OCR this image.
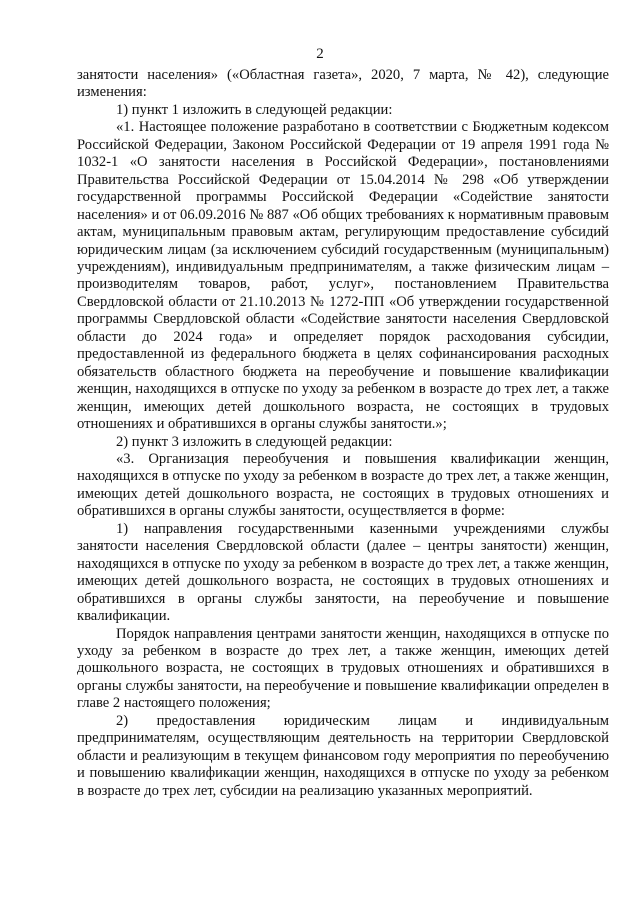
2

занятости населения» («Областная газета», 2020, 7 марта, № 42), следующие изменения:

1) пункт 1 изложить в следующей редакции:

«1. Настоящее положение разработано в соответствии с Бюджетным кодексом Российской Федерации, Законом Российской Федерации от 19 апреля 1991 года № 1032-1 «О занятости населения в Российской Федерации», постановлениями Правительства Российской Федерации от 15.04.2014 № 298 «Об утверждении государственной программы Российской Федерации «Содействие занятости населения» и от 06.09.2016 № 887 «Об общих требованиях к нормативным правовым актам, муниципальным правовым актам, регулирующим предоставление субсидий юридическим лицам (за исключением субсидий государственным (муниципальным) учреждениям), индивидуальным предпринимателям, а также физическим лицам – производителям товаров, работ, услуг», постановлением Правительства Свердловской области от 21.10.2013 № 1272-ПП «Об утверждении государственной программы Свердловской области «Содействие занятости населения Свердловской области до 2024 года» и определяет порядок расходования субсидии, предоставленной из федерального бюджета в целях софинансирования расходных обязательств областного бюджета на переобучение и повышение квалификации женщин, находящихся в отпуске по уходу за ребенком в возрасте до трех лет, а также женщин, имеющих детей дошкольного возраста, не состоящих в трудовых отношениях и обратившихся в органы службы занятости.»;

2) пункт 3 изложить в следующей редакции:

«3. Организация переобучения и повышения квалификации женщин, находящихся в отпуске по уходу за ребенком в возрасте до трех лет, а также женщин, имеющих детей дошкольного возраста, не состоящих в трудовых отношениях и обратившихся в органы службы занятости, осуществляется в форме:

1) направления государственными казенными учреждениями службы занятости населения Свердловской области (далее – центры занятости) женщин, находящихся в отпуске по уходу за ребенком в возрасте до трех лет, а также женщин, имеющих детей дошкольного возраста, не состоящих в трудовых отношениях и обратившихся в органы службы занятости, на переобучение и повышение квалификации.

Порядок направления центрами занятости женщин, находящихся в отпуске по уходу за ребенком в возрасте до трех лет, а также женщин, имеющих детей дошкольного возраста, не состоящих в трудовых отношениях и обратившихся в органы службы занятости, на переобучение и повышение квалификации определен в главе 2 настоящего положения;

2) предоставления юридическим лицам и индивидуальным предпринимателям, осуществляющим деятельность на территории Свердловской области и реализующим в текущем финансовом году мероприятия по переобучению и повышению квалификации женщин, находящихся в отпуске по уходу за ребенком в возрасте до трех лет, субсидии на реализацию указанных мероприятий.
